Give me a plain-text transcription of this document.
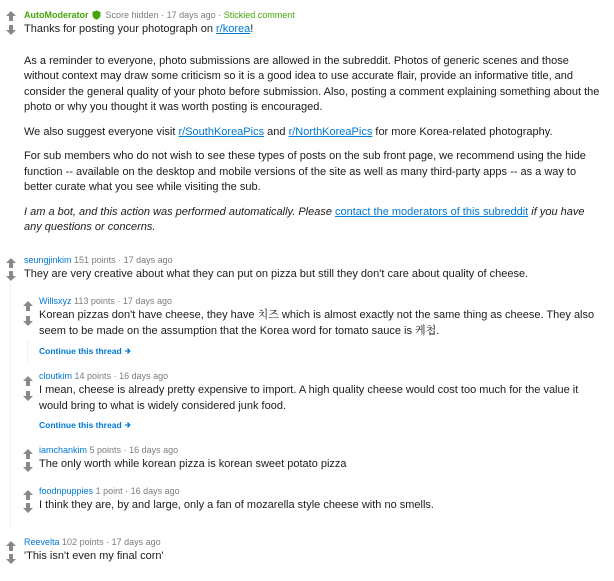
AutoModerator Score hidden · 17 days ago · Stickied comment

Thanks for posting your photograph on r/korea!

As a reminder to everyone, photo submissions are allowed in the subreddit. Photos of generic scenes and those without context may draw some criticism so it is a good idea to use accurate flair, provide an informative title, and consider the general quality of your photo before submission. Also, posting a comment explaining something about the photo or why you thought it was worth posting is encouraged.

We also suggest everyone visit r/SouthKoreaPics and r/NorthKoreaPics for more Korea-related photography.

For sub members who do not wish to see these types of posts on the sub front page, we recommend using the hide function -- available on the desktop and mobile versions of the site as well as many third-party apps -- as a way to better curate what you see while visiting the sub.

I am a bot, and this action was performed automatically. Please contact the moderators of this subreddit if you have any questions or concerns.

seungjinkim 151 points · 17 days ago
They are very creative about what they can put on pizza but still they don't care about quality of cheese.
Willsxyz 113 points · 17 days ago
Korean pizzas don't have cheese, they have 치즈 which is almost exactly not the same thing as cheese. They also seem to be made on the assumption that the Korea word for tomato sauce is 케첩.
Continue this thread
cloutkim 14 points · 16 days ago
I mean, cheese is already pretty expensive to import. A high quality cheese would cost too much for the value it would bring to what is widely considered junk food.
Continue this thread
iamchankim 5 points · 16 days ago
The only worth while korean pizza is korean sweet potato pizza
foodnpuppies 1 point · 16 days ago
I think they are, by and large, only a fan of mozarella style cheese with no smells.
Reevelta 102 points · 17 days ago
'This isn't even my final corn'
